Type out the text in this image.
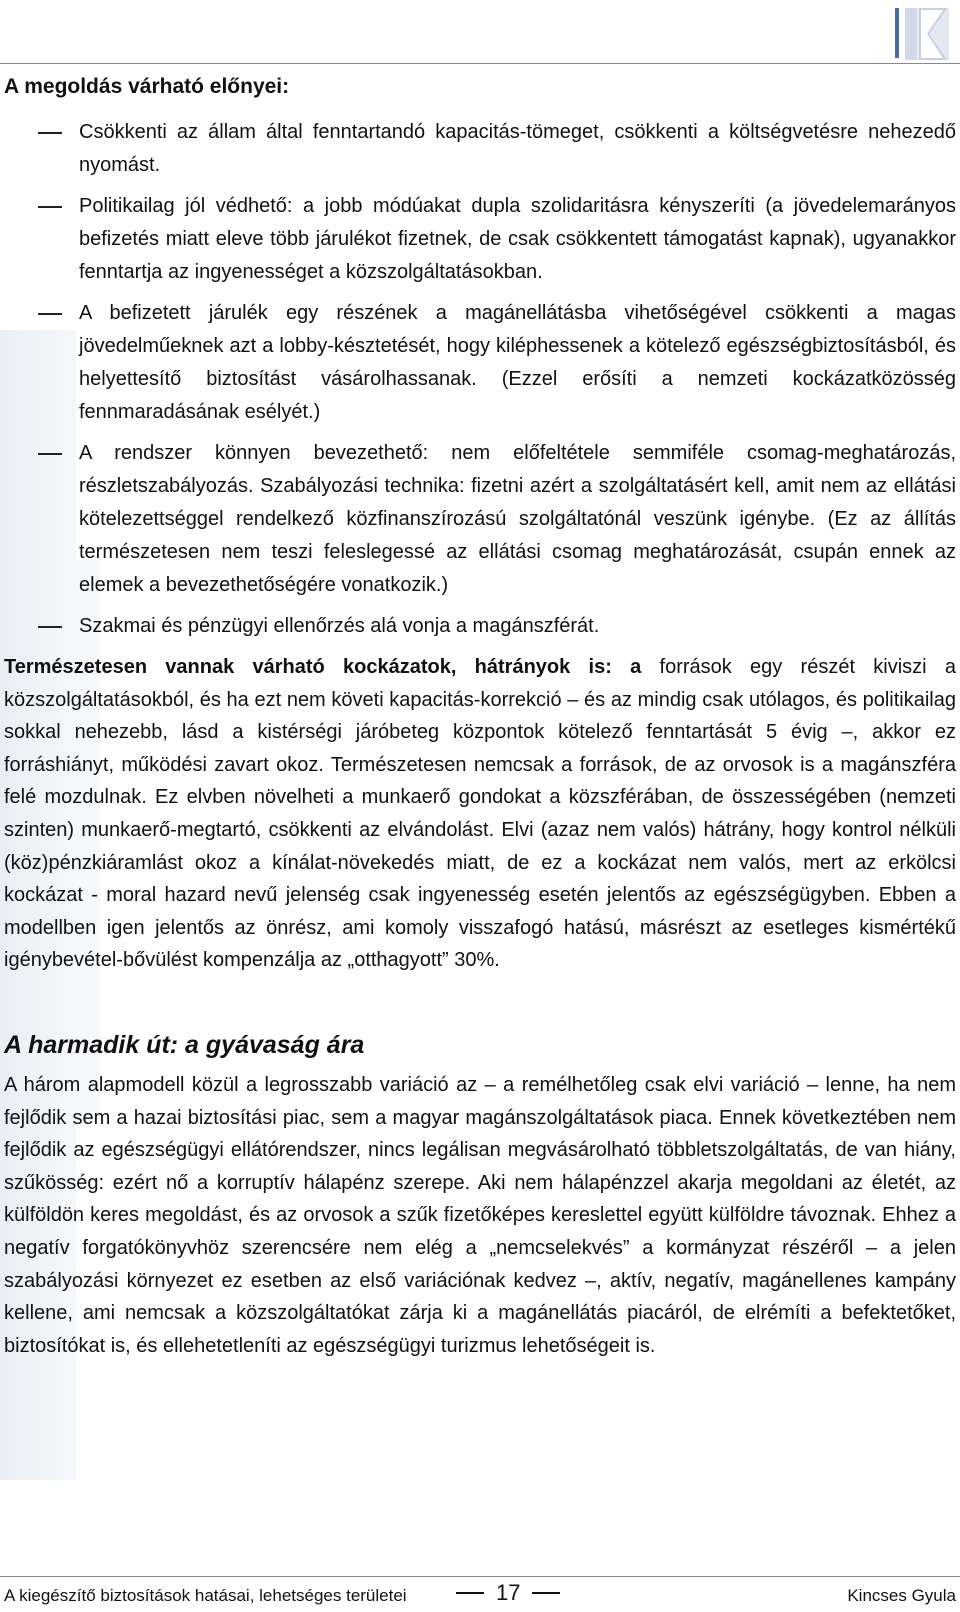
A megoldás várható előnyei:
Csökkenti az állam által fenntartandó kapacitás-tömeget, csökkenti a költségvetésre nehezedő nyomást.
Politikailag jól védhető: a jobb módúakat dupla szolidaritásra kényszeríti (a jövedelemarányos befizetés miatt eleve több járulékot fizetnek, de csak csökkentett támogatást kapnak), ugyanakkor fenntartja az ingyenességet a közszolgáltatásokban.
A befizetett járulék egy részének a magánellátásba vihetőségével csökkenti a magas jövedelműeknek azt a lobby-késztetését, hogy kiléphessenek a kötelező egészségbiztosításból, és helyettesítő biztosítást vásárolhassanak. (Ezzel erősíti a nemzeti kockázatközösség fennmaradásának esélyét.)
A rendszer könnyen bevezethető: nem előfeltétele semmiféle csomag-meghatározás, részletszabályozás. Szabályozási technika: fizetni azért a szolgáltatásért kell, amit nem az ellátási kötelezettséggel rendelkező közfinanszírozású szolgáltatónál veszünk igénybe. (Ez az állítás természetesen nem teszi feleslegessé az ellátási csomag meghatározását, csupán ennek az elemek a bevezethetőségére vonatkozik.)
Szakmai és pénzügyi ellenőrzés alá vonja a magánszférát.

Természetesen vannak várható kockázatok, hátrányok is: a források egy részét kiviszi a közszolgáltatásokból, és ha ezt nem követi kapacitás-korrekció – és az mindig csak utólagos, és politikailag sokkal nehezebb, lásd a kistérségi járóbeteg központok kötelező fenntartását 5 évig –, akkor ez forráshiányt, működési zavart okoz. Természetesen nemcsak a források, de az orvosok is a magánszféra felé mozdulnak. Ez elvben növelheti a munkaerő gondokat a közszférában, de összességében (nemzeti szinten) munkaerő-megtartó, csökkenti az elvándolást. Elvi (azaz nem valós) hátrány, hogy kontrol nélküli (köz)pénzkiáramlást okoz a kínálat-növekedés miatt, de ez a kockázat nem valós, mert az erkölcsi kockázat - moral hazard nevű jelenség csak ingyenesség esetén jelentős az egészségügyben. Ebben a modellben igen jelentős az önrész, ami komoly visszafogó hatású, másrészt az esetleges kismértékű igénybevétel-bővülést kompenzálja az „otthagyott” 30%.

A harmadik út: a gyávaság ára

A három alapmodell közül a legrosszabb variáció az – a remélhetőleg csak elvi variáció – lenne, ha nem fejlődik sem a hazai biztosítási piac, sem a magyar magánszolgáltatások piaca. Ennek következtében nem fejlődik az egészségügyi ellátórendszer, nincs legálisan megvásárolható többletszolgáltatás, de van hiány, szűkösség: ezért nő a korruptív hálapénz szerepe. Aki nem hálapénzzel akarja megoldani az életét, az külföldön keres megoldást, és az orvosok a szűk fizetőképes kereslettel együtt külföldre távoznak. Ehhez a negatív forgatókönyvhöz szerencsére nem elég a „nemcselekvés” a kormányzat részéről – a jelen szabályozási környezet ez esetben az első variációnak kedvez –, aktív, negatív, magánellenes kampány kellene, ami nemcsak a közszolgáltatókat zárja ki a magánellátás piacáról, de elrémíti a befektetőket, biztosítókat is, és ellehetetleníti az egészségügyi turizmus lehetőségeit is.

A kiegészítő biztosítások hatásai, lehetséges területei	17	Kincses Gyula
